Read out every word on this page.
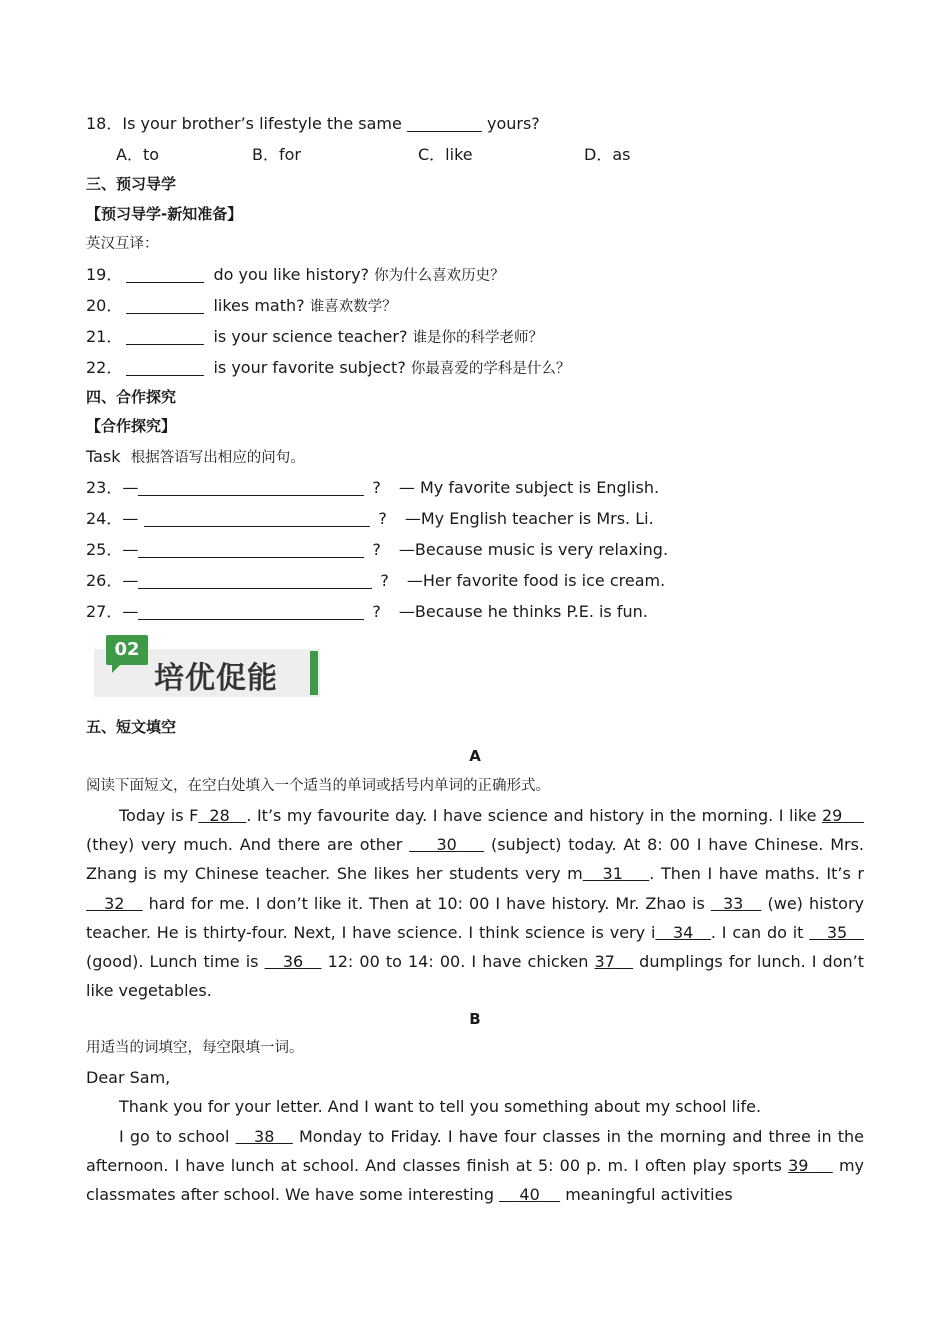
18．Is your brother’s lifestyle the same	yours?
A．to	B．for	C．like	D．as
三、预习导学
【预习导学-新知准备】
英汉互译：
19．	do you like history? 你为什么喜欢历史？
20．	likes math? 谁喜欢数学？
21．	is your science teacher? 谁是你的科学老师？
22．	is your favorite subject? 你最喜爱的学科是什么？
四、合作探究
【合作探究】
Task 根据答语写出相应的问句。
23．—	? — My favorite subject is English.
24．—	? —My English teacher is Mrs. Li.
25．—	? —Because music is very relaxing.
26．—	? —Her favorite food is ice cream.
27．—	? —Because he thinks P.E. is fun.
02
培优促能
五、短文填空
A
阅读下面短文，在空白处填入一个适当的单词或括号内单词的正确形式。

Today is F 28 . It’s my favourite day. I have science and history in the morning. I like 29     (they) very much. And there are other     30     (subject) today. At 8: 00 I have Chinese. Mrs. Zhang is my Chinese teacher. She likes her students very m 31 . Then I have maths. It’s r   32    hard for me. I don’t like it. Then at 10: 00 I have history. Mr. Zhao is   33    (we) history teacher. He is thirty-four. Next, I have science. I think science is very i 34 . I can do it    35    (good). Lunch time is    36    12: 00 to 14: 00. I have chicken 37    dumplings for lunch. I don’t like vegetables.

B
用适当的词填空，每空限填一词。
Dear Sam,

Thank you for your letter. And I want to tell you something about my school life.

I go to school    38    Monday to Friday. I have four classes in the morning and three in the afternoon. I have lunch at school. And classes finish at 5: 00 p. m. I often play sports 39     my classmates after school. We have some interesting     40     meaningful activities
